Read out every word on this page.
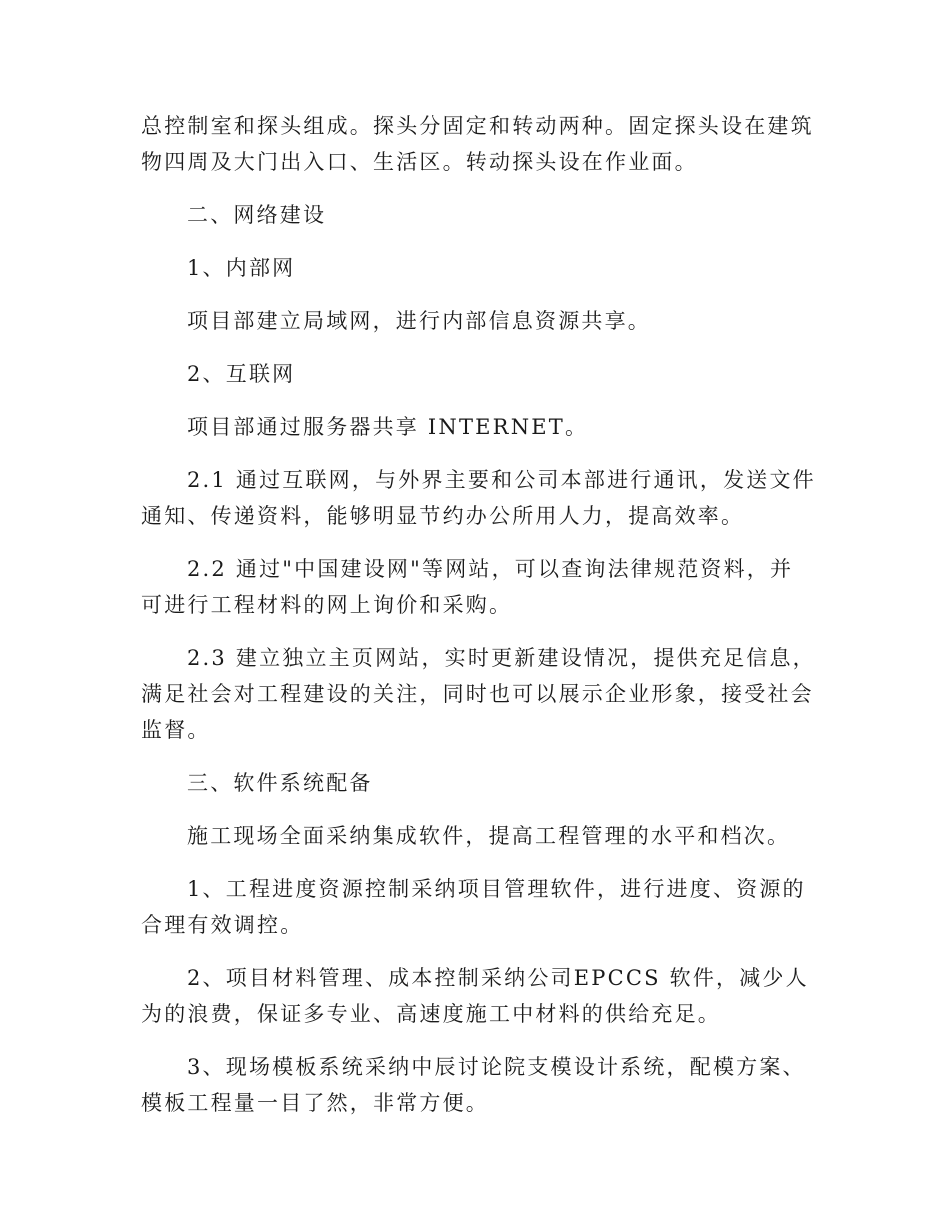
总控制室和探头组成。探头分固定和转动两种。固定探头设在建筑物四周及大门出入口、生活区。转动探头设在作业面。

二、网络建设

1、内部网

项目部建立局域网，进行内部信息资源共享。

2、互联网

项目部通过服务器共享 INTERNET。

2.1 通过互联网，与外界主要和公司本部进行通讯，发送文件通知、传递资料，能够明显节约办公所用人力，提高效率。

2.2 通过"中国建设网"等网站，可以查询法律规范资料，并可进行工程材料的网上询价和采购。

2.3 建立独立主页网站，实时更新建设情况，提供充足信息，满足社会对工程建设的关注，同时也可以展示企业形象，接受社会监督。

三、软件系统配备

施工现场全面采纳集成软件，提高工程管理的水平和档次。

1、工程进度资源控制采纳项目管理软件，进行进度、资源的合理有效调控。

2、项目材料管理、成本控制采纳公司EPCCS 软件，减少人为的浪费，保证多专业、高速度施工中材料的供给充足。

3、现场模板系统采纳中辰讨论院支模设计系统，配模方案、模板工程量一目了然，非常方便。
